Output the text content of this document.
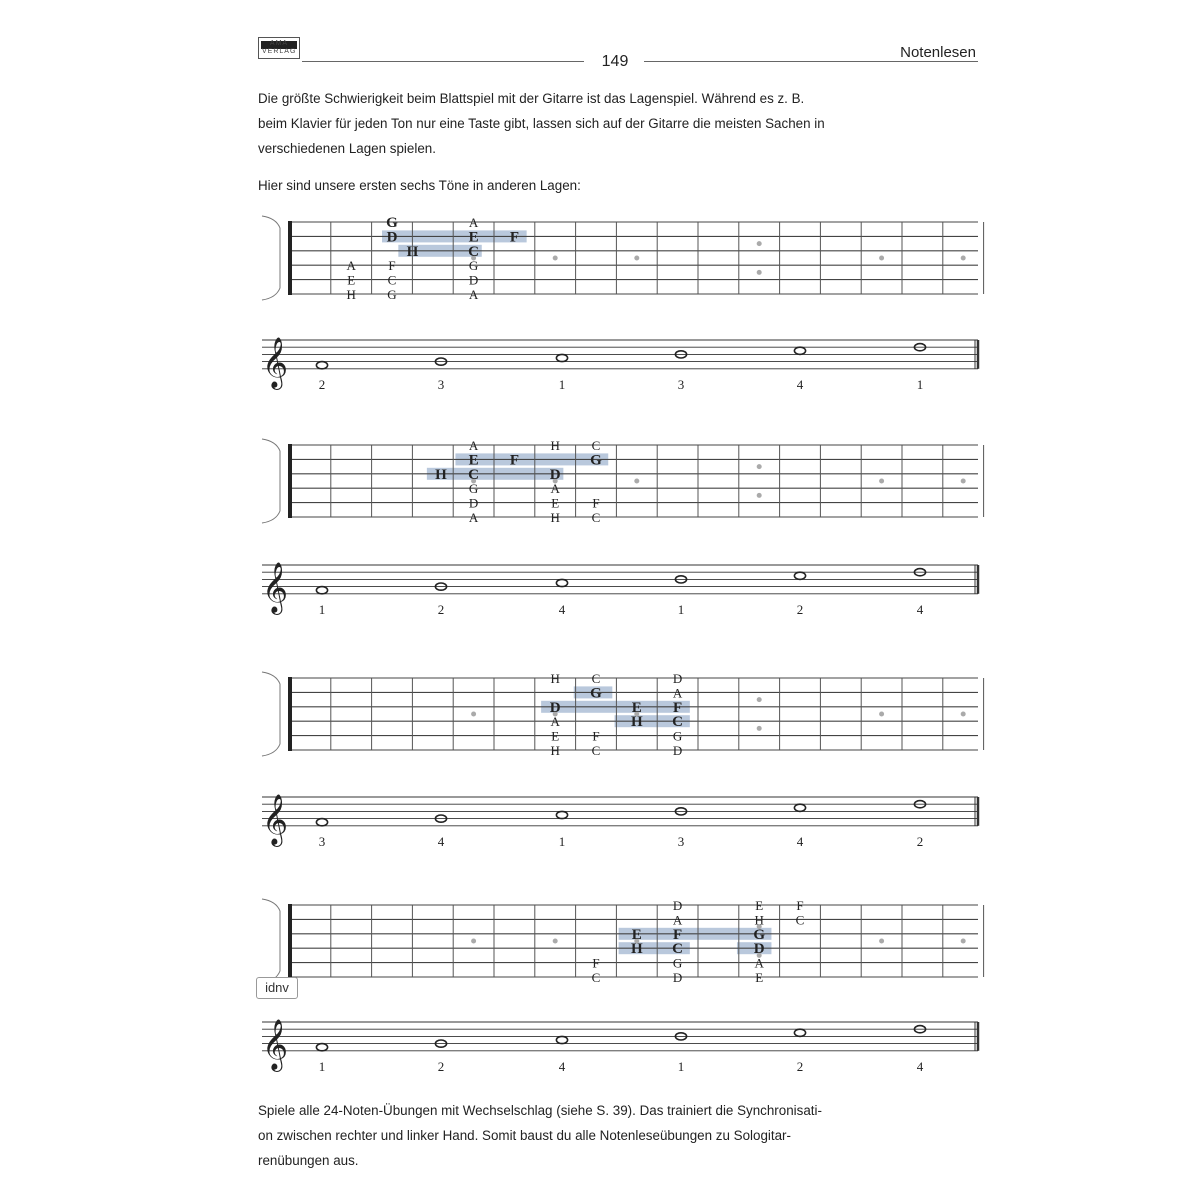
AMA VERLAG
149
Notenlesen
Die größte Schwierigkeit beim Blattspiel mit der Gitarre ist das Lagenspiel. Während es z. B.
beim Klavier für jeden Ton nur eine Taste gibt, lassen sich auf der Gitarre die meisten Sachen in
verschiedenen Lagen spielen.
Hier sind unsere ersten sechs Töne in anderen Lagen:
A
E
H
G
D
F
C
G
H
A
E
C
G
D
A
F
𝄞 2	3	1	3	4	1
A
E
C
G
D
A
H
F
H
D
A
E
H
C
G
F
C
𝄞 1	2	4	1	2	4
H
D
A
E
H
C
G
F
C
E
H
D
A
F
C
G
D
𝄞 3	4	1	3	4	2
F
C
E
H
D
A
F
C
G
D
E
H
G
D
A
E
F
C
𝄞 1	2	4	1	2	4
idnv
Spiele alle 24-Noten-Übungen mit Wechselschlag (siehe S. 39). Das trainiert die Synchronisati-
on zwischen rechter und linker Hand. Somit baust du alle Notenleseübungen zu Sologitar-
renübungen aus.
